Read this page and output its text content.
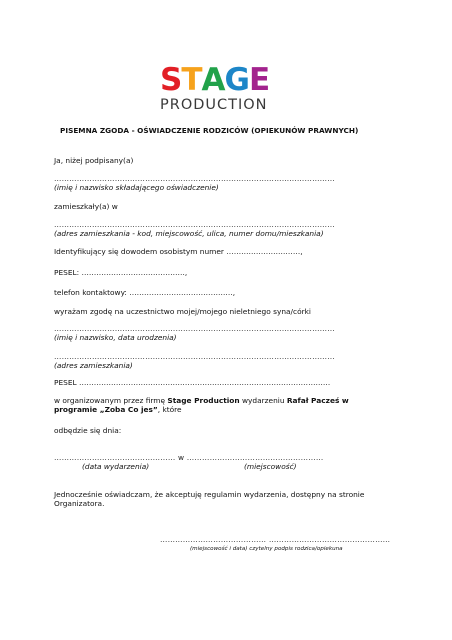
S T A G E
PRODUCTION
PISEMNA ZGODA - OŚWIADCZENIE RODZICÓW (OPIEKUNÓW PRAWNYCH)
Ja, niżej podpisany(a)
…………………………………………………………………………………………………
(imię i nazwisko składającego oświadczenie)
zamieszkały(a) w
…………………………………………………………………………………………………
(adres zamieszkania - kod, miejscowość, ulica, numer domu/mieszkania)
Identyfikujący się dowodem osobistym numer …………………………,
PESEL: ……………………………………,
telefon kontaktowy: ……………………………………,
wyrażam zgodę na uczestnictwo mojej/mojego nieletniego syna/córki
…………………………………………………………………………………………………
(imię i nazwisko, data urodzenia)
…………………………………………………………………………………………………
(adres zamieszkania)
PESEL …………………………………………………………………………………………
w organizowanym przez firmę Stage Production wydarzeniu Rafał Pacześ w
programie „Zoba Co jes”, które
odbędzie się dnia:
………………………………………… w ………………………………………………
(data wydarzenia)	(miejscowość)
Jednocześnie oświadczam, że akceptuję regulamin wydarzenia, dostępny na stronie
Organizatora.
…………………………………… …………………………………………
(miejscowość i data) czytelny podpis rodzica/opiekuna
